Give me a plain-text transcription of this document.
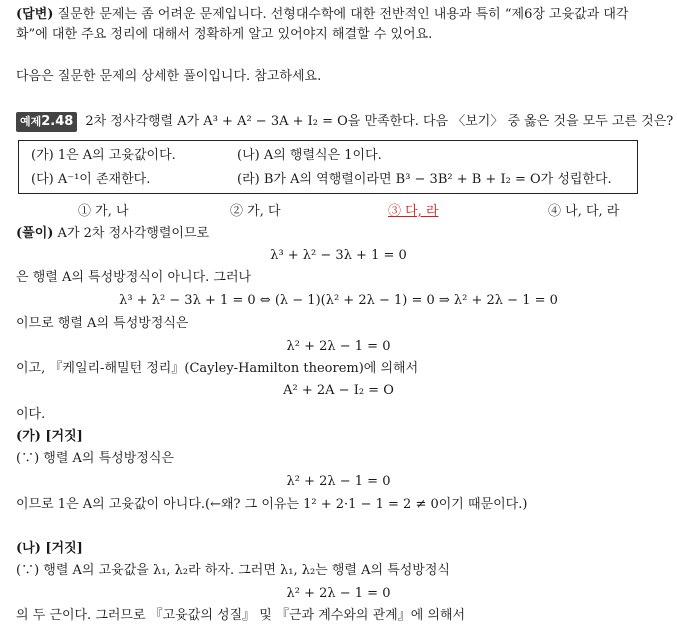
(답변) 질문한 문제는 좀 어려운 문제입니다. 선형대수학에 대한 전반적인 내용과 특히 “제6장 고윳값과 대각
화”에 대한 주요 정리에 대해서 정확하게 알고 있어야지 해결할 수 있어요.
다음은 질문한 문제의 상세한 풀이입니다. 참고하세요.
예제2.48 2차 정사각행렬 A가 A³ + A² − 3A + I₂ = O을 만족한다. 다음 〈보기〉 중 옳은 것을 모두 고른 것은?
(가) 1은 A의 고윳값이다.	(나) A의 행렬식은 1이다.
(다) A⁻¹이 존재한다.	(라) B가 A의 역행렬이라면 B³ − 3B² + B + I₂ = O가 성립한다.
① 가, 나	② 가, 다	③ 다, 라	④ 나, 다, 라
(풀이) A가 2차 정사각행렬이므로
λ³ + λ² − 3λ + 1 = 0
은 행렬 A의 특성방정식이 아니다. 그러나
λ³ + λ² − 3λ + 1 = 0 ⇔ (λ − 1)(λ² + 2λ − 1) = 0 ⇒ λ² + 2λ − 1 = 0
이므로 행렬 A의 특성방정식은
λ² + 2λ − 1 = 0
이고, 『케일리-해밀턴 정리』(Cayley-Hamilton theorem)에 의해서
A² + 2A − I₂ = O
이다.
(가) [거짓]
(∵) 행렬 A의 특성방정식은
λ² + 2λ − 1 = 0
이므로 1은 A의 고윳값이 아니다.(←왜? 그 이유는 1² + 2·1 − 1 = 2 ≠ 0이기 때문이다.)
(나) [거짓]
(∵) 행렬 A의 고윳값을 λ₁, λ₂라 하자. 그러면 λ₁, λ₂는 행렬 A의 특성방정식
λ² + 2λ − 1 = 0
의 두 근이다. 그러므로 『고윳값의 성질』 및 『근과 계수와의 관계』에 의해서
